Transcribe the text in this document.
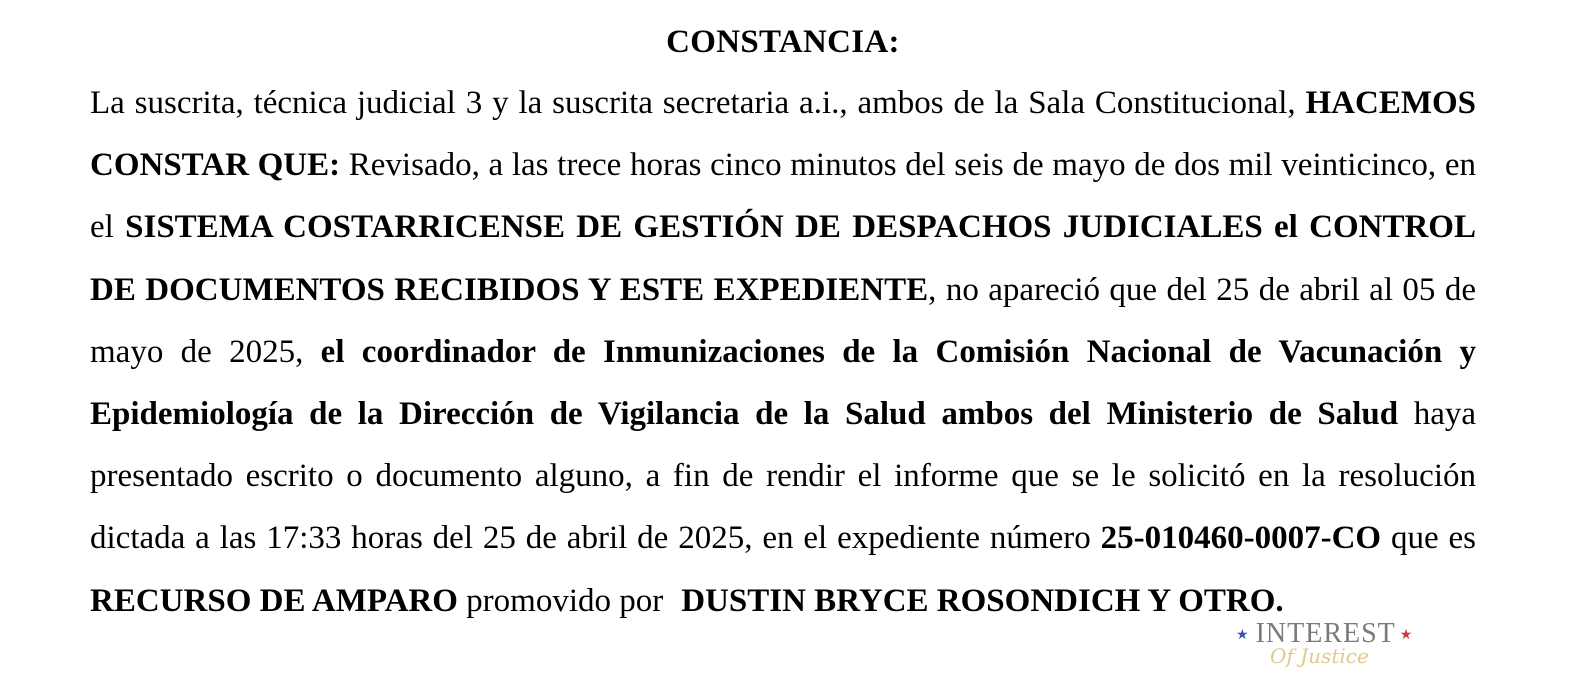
CONSTANCIA:

La suscrita, técnica judicial 3 y la suscrita secretaria a.i., ambos de la Sala Constitucional, HACEMOS CONSTAR QUE: Revisado, a las trece horas cinco minutos del seis de mayo de dos mil veinticinco, en el SISTEMA COSTARRICENSE DE GESTIÓN DE DESPACHOS JUDICIALES el CONTROL DE DOCUMENTOS RECIBIDOS Y ESTE EXPEDIENTE, no apareció que del 25 de abril al 05 de mayo de 2025, el coordinador de Inmunizaciones de la Comisión Nacional de Vacunación y Epidemiología de la Dirección de Vigilancia de la Salud ambos del Ministerio de Salud haya presentado escrito o documento alguno, a fin de rendir el informe que se le solicitó en la resolución dictada a las 17:33 horas del 25 de abril de 2025, en el expediente número 25-010460-0007-CO que es RECURSO DE AMPARO promovido por DUSTIN BRYCE ROSONDICH Y OTRO.

★ INTEREST ★
Of Justice
